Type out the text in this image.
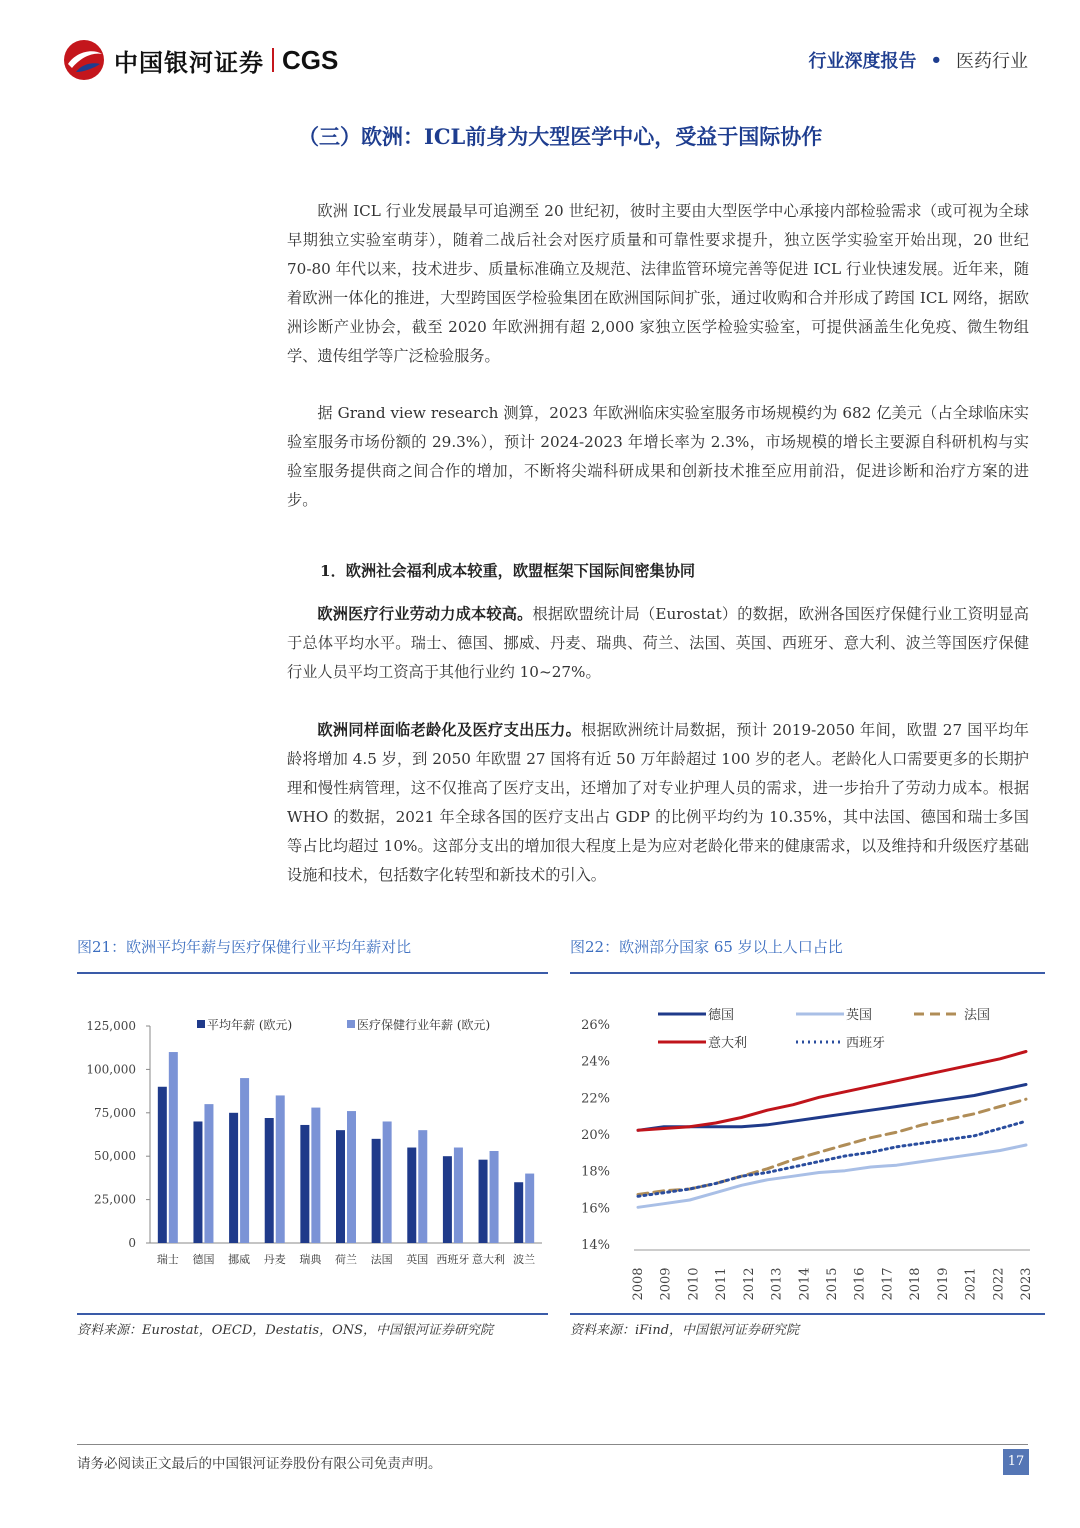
中国银河证券 CGS	行业深度报告 • 医药行业
（三）欧洲：ICL前身为大型医学中心，受益于国际协作

欧洲 ICL 行业发展最早可追溯至 20 世纪初，彼时主要由大型医学中心承接内部检验需求（或可视为全球早期独立实验室萌芽），随着二战后社会对医疗质量和可靠性要求提升，独立医学实验室开始出现，20 世纪 70-80 年代以来，技术进步、质量标准确立及规范、法律监管环境完善等促进 ICL 行业快速发展。近年来，随着欧洲一体化的推进，大型跨国医学检验集团在欧洲国际间扩张，通过收购和合并形成了跨国 ICL 网络，据欧洲诊断产业协会，截至 2020 年欧洲拥有超 2,000 家独立医学检验实验室，可提供涵盖生化免疫、微生物组学、遗传组学等广泛检验服务。

据 Grand view research 测算，2023 年欧洲临床实验室服务市场规模约为 682 亿美元（占全球临床实验室服务市场份额的 29.3%），预计 2024-2023 年增长率为 2.3%，市场规模的增长主要源自科研机构与实验室服务提供商之间合作的增加，不断将尖端科研成果和创新技术推至应用前沿，促进诊断和治疗方案的进步。

1．欧洲社会福利成本较重，欧盟框架下国际间密集协同

欧洲医疗行业劳动力成本较高。根据欧盟统计局（Eurostat）的数据，欧洲各国医疗保健行业工资明显高于总体平均水平。瑞士、德国、挪威、丹麦、瑞典、荷兰、法国、英国、西班牙、意大利、波兰等国医疗保健行业人员平均工资高于其他行业约 10~27%。

欧洲同样面临老龄化及医疗支出压力。根据欧洲统计局数据，预计 2019-2050 年间，欧盟 27 国平均年龄将增加 4.5 岁，到 2050 年欧盟 27 国将有近 50 万年龄超过 100 岁的老人。老龄化人口需要更多的长期护理和慢性病管理，这不仅推高了医疗支出，还增加了对专业护理人员的需求，进一步抬升了劳动力成本。根据 WHO 的数据，2021 年全球各国的医疗支出占 GDP 的比例平均约为 10.35%，其中法国、德国和瑞士多国等占比均超过 10%。这部分支出的增加很大程度上是为应对老龄化带来的健康需求，以及维持和升级医疗基础设施和技术，包括数字化转型和新技术的引入。

图21：欧洲平均年薪与医疗保健行业平均年薪对比
0
25,000
50,000
75,000
100,000
125,000
瑞士 德国 挪威 丹麦 瑞典 荷兰 法国 英国 西班牙 意大利 波兰
平均年薪 (欧元)	医疗保健行业年薪 (欧元)
资料来源：Eurostat，OECD，Destatis，ONS，中国银河证券研究院
图22：欧洲部分国家 65 岁以上人口占比
14%
16%
18%
20%
22%
24%
26%
2008 2009 2010 2011 2012 2013 2014 2015 2016 2017 2018 2019 2021 2022 2023
德国	英国	法国
意大利	西班牙
资料来源：iFind，中国银河证券研究院
请务必阅读正文最后的中国银河证券股份有限公司免责声明。	17
